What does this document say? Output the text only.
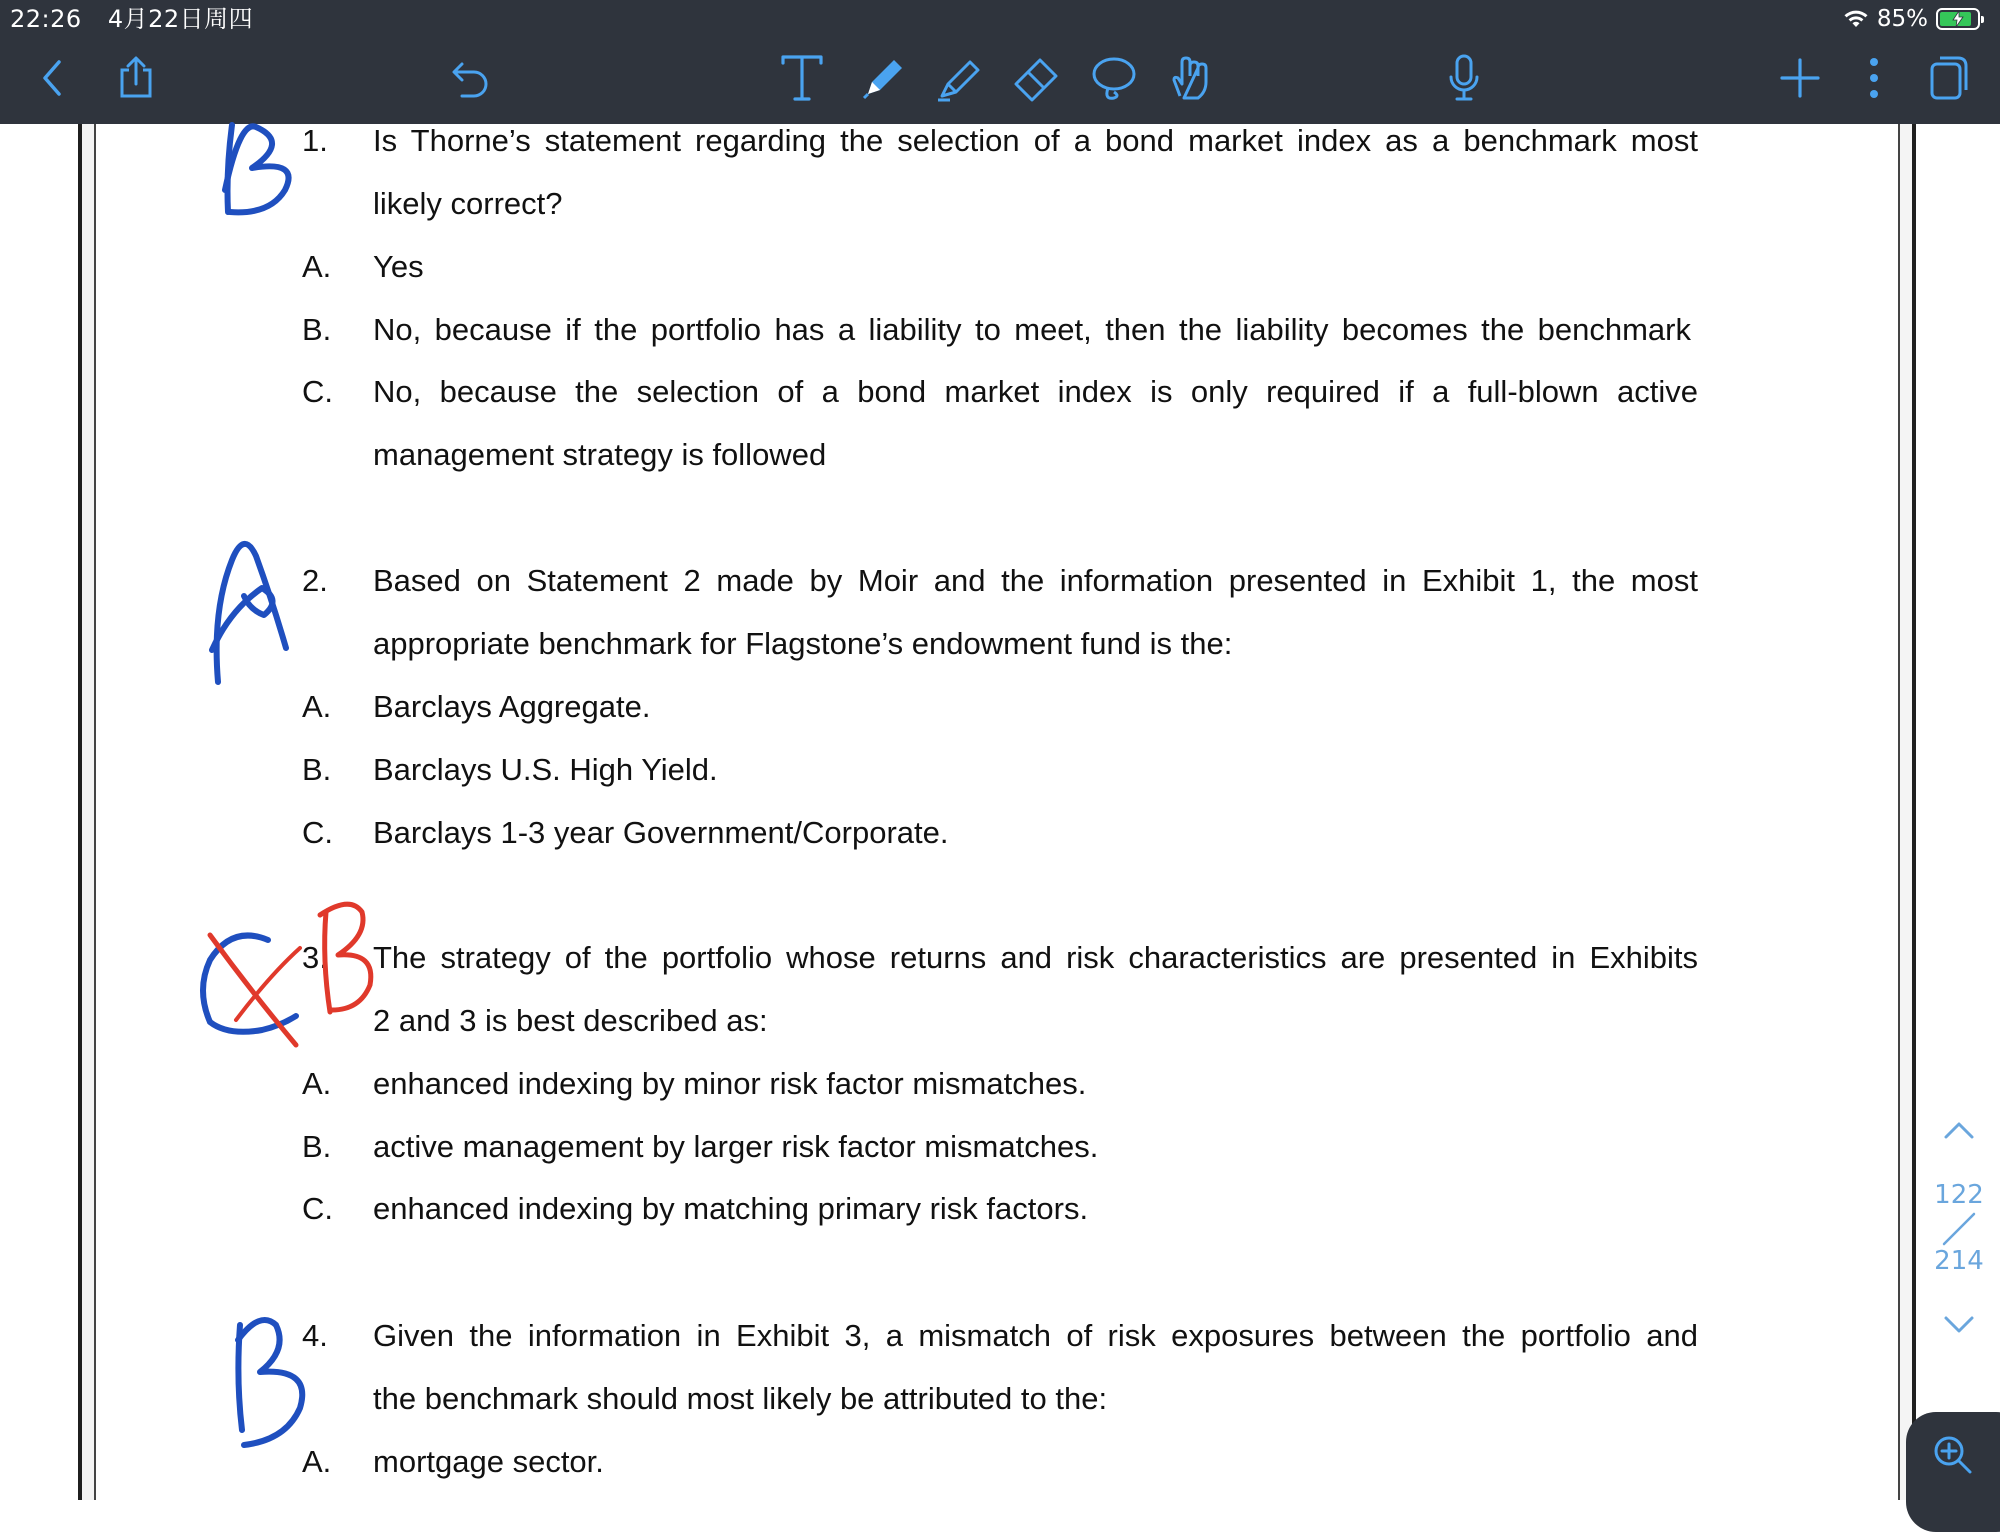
22:26 4月22日周四	85%
1.	Is Thorne’s statement regarding the selection of a bond market index as a benchmark most
likely correct?
A.	Yes
B.	No, because if the portfolio has a liability to meet, then the liability becomes the benchmark
C.	No, because the selection of a bond market index is only required if a full-blown active
management strategy is followed
2.	Based on Statement 2 made by Moir and the information presented in Exhibit 1, the most
appropriate benchmark for Flagstone’s endowment fund is the:
A.	Barclays Aggregate.
B.	Barclays U.S. High Yield.
C.	Barclays 1-3 year Government/Corporate.
3.	The strategy of the portfolio whose returns and risk characteristics are presented in Exhibits
2 and 3 is best described as:
A.	enhanced indexing by minor risk factor mismatches.
B.	active management by larger risk factor mismatches.
C.	enhanced indexing by matching primary risk factors.
4.	Given the information in Exhibit 3, a mismatch of risk exposures between the portfolio and
the benchmark should most likely be attributed to the:
A.	mortgage sector.
122
214
